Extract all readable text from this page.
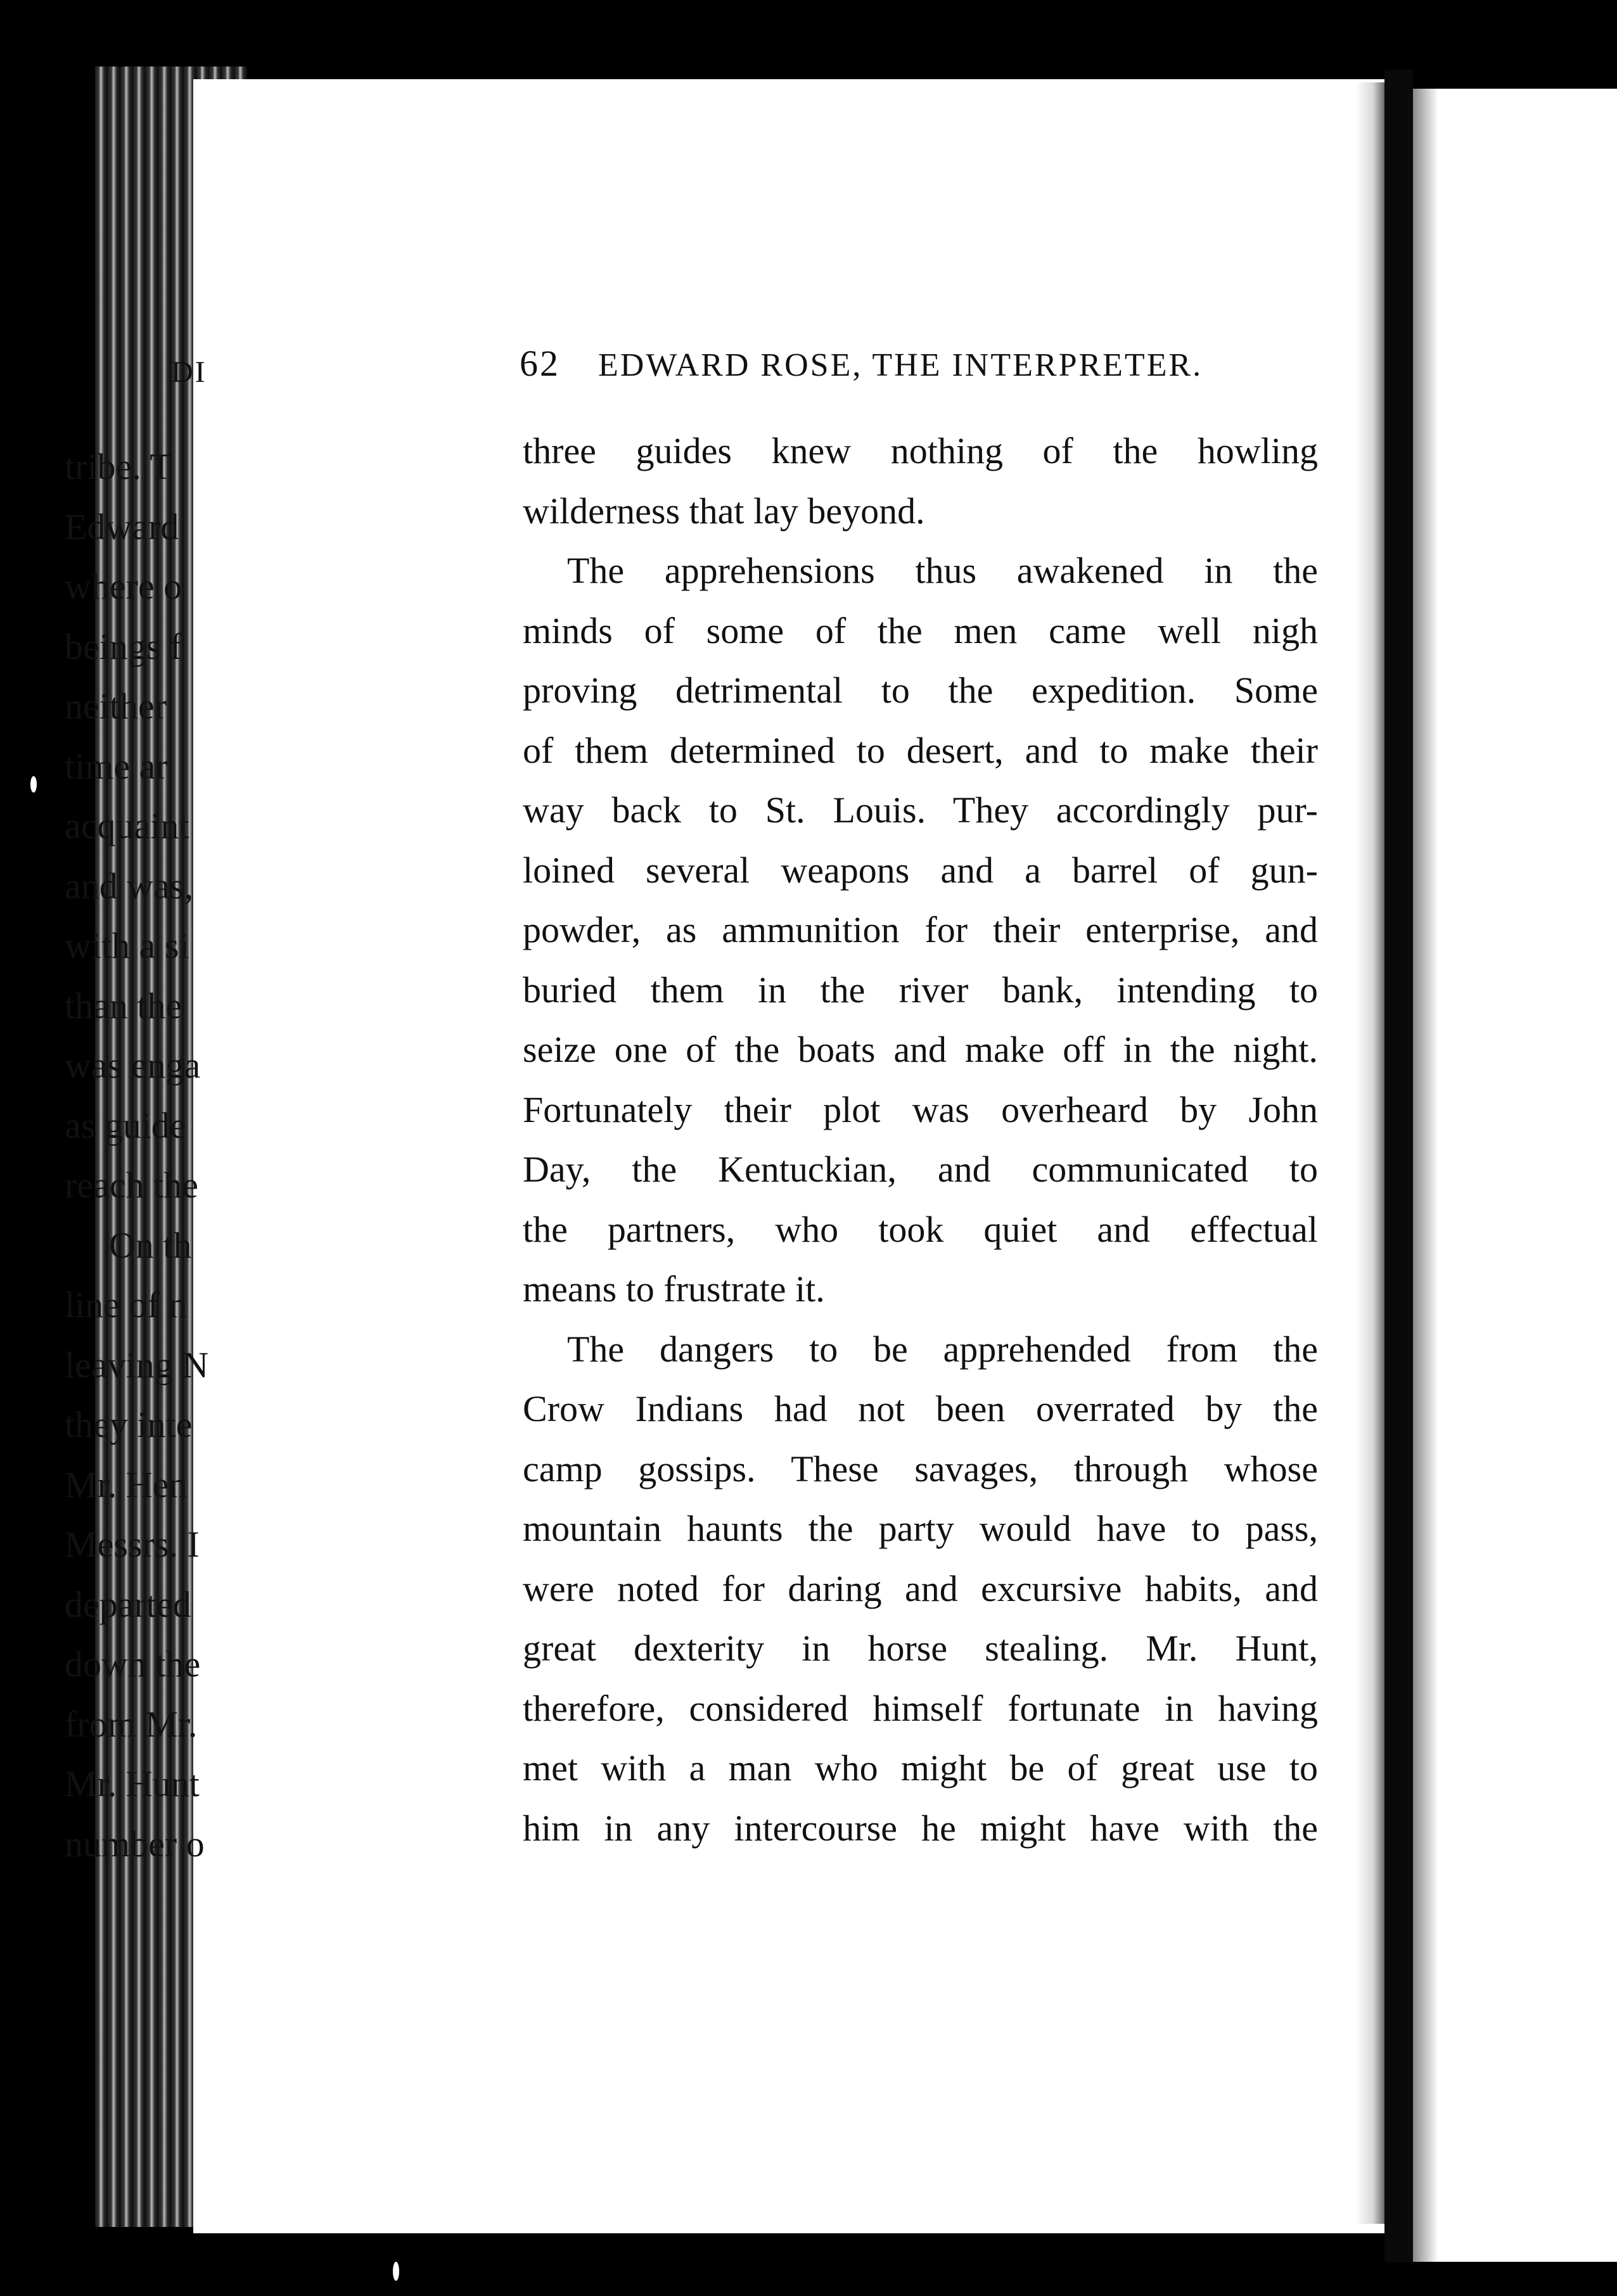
62 EDWARD ROSE, THE INTERPRETER.

three guides knew nothing of the howling
wilderness that lay beyond.

The apprehensions thus awakened in the
minds of some of the men came well nigh
proving detrimental to the expedition. Some
of them determined to desert, and to make their
way back to St. Louis. They accordingly pur-
loined several weapons and a barrel of gun-
powder, as ammunition for their enterprise, and
buried them in the river bank, intending to
seize one of the boats and make off in the night.
Fortunately their plot was overheard by John
Day, the Kentuckian, and communicated to
the partners, who took quiet and effectual
means to frustrate it.

The dangers to be apprehended from the
Crow Indians had not been overrated by the
camp gossips. These savages, through whose
mountain haunts the party would have to pass,
were noted for daring and excursive habits, and
great dexterity in horse stealing. Mr. Hunt,
therefore, considered himself fortunate in having
met with a man who might be of great use to
him in any intercourse he might have with the

DI
tribe. T
Edward
where o
beings f
neither
time ar
acquaint
and was,
with a si
than the
was enga
as guide
reach the
On th
line of n
leaving N
they inte
Mr. Hen
Messrs. I
departed
down the
from Mr.
Mr. Hunt
number o
